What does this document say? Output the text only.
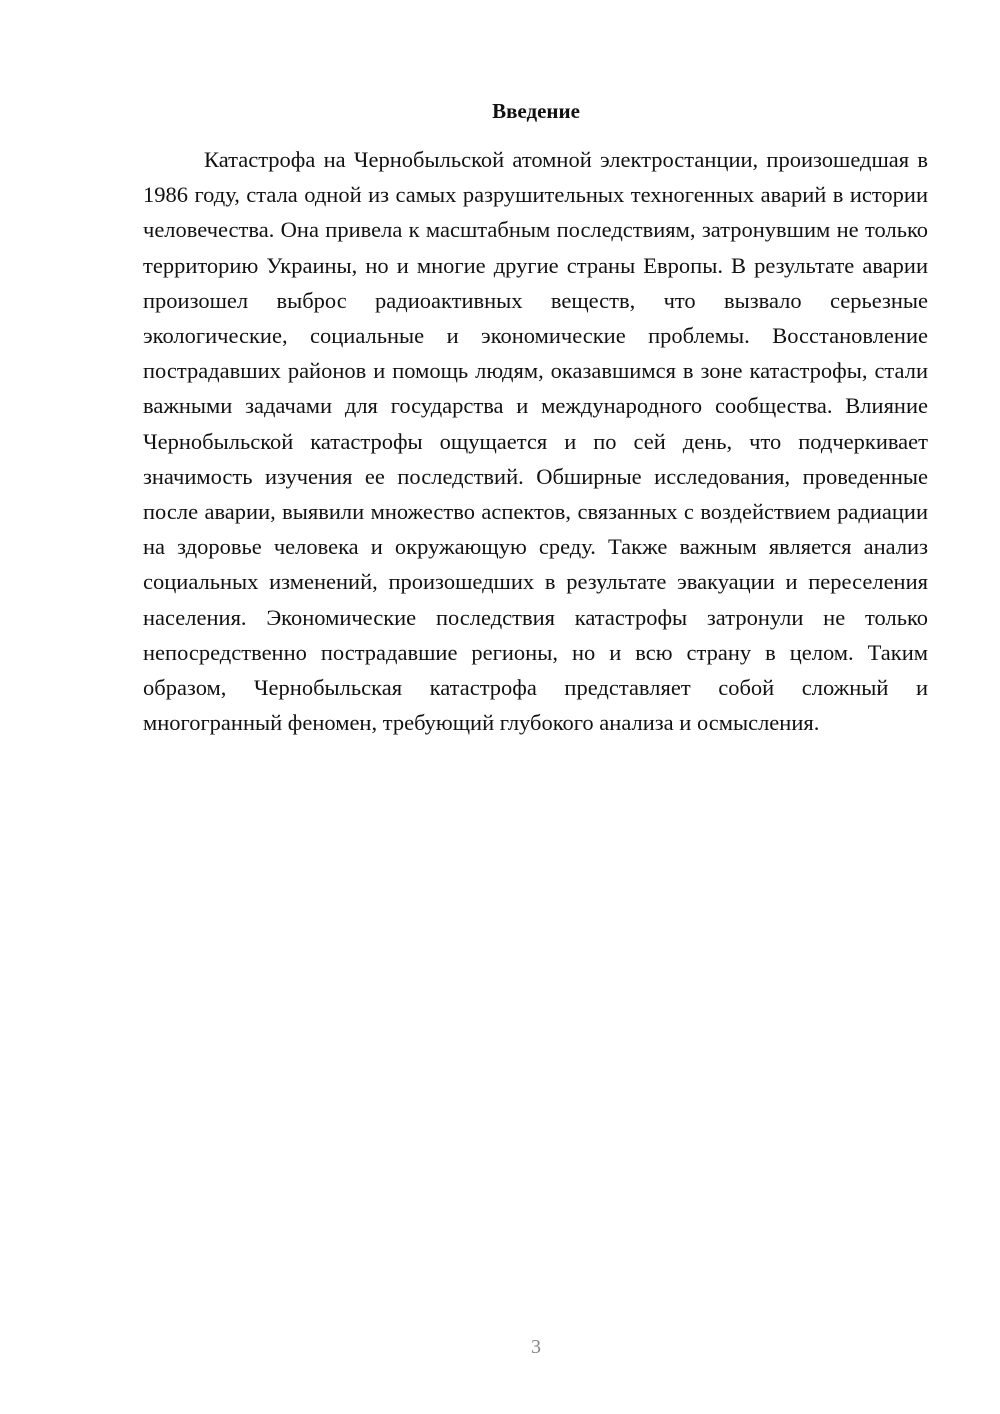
Введение

Катастрофа на Чернобыльской атомной электростанции, произошедшая в 1986 году, стала одной из самых разрушительных техногенных аварий в истории человечества. Она привела к масштабным последствиям, затронувшим не только территорию Украины, но и многие другие страны Европы. В результате аварии произошел выброс радиоактивных веществ, что вызвало серьезные экологические, социальные и экономические проблемы. Восстановление пострадавших районов и помощь людям, оказавшимся в зоне катастрофы, стали важными задачами для государства и международного сообщества. Влияние Чернобыльской катастрофы ощущается и по сей день, что подчеркивает значимость изучения ее последствий. Обширные исследования, проведенные после аварии, выявили множество аспектов, связанных с воздействием радиации на здоровье человека и окружающую среду. Также важным является анализ социальных изменений, произошедших в результате эвакуации и переселения населения. Экономические последствия катастрофы затронули не только непосредственно пострадавшие регионы, но и всю страну в целом. Таким образом, Чернобыльская катастрофа представляет собой сложный и многогранный феномен, требующий глубокого анализа и осмысления.

3
